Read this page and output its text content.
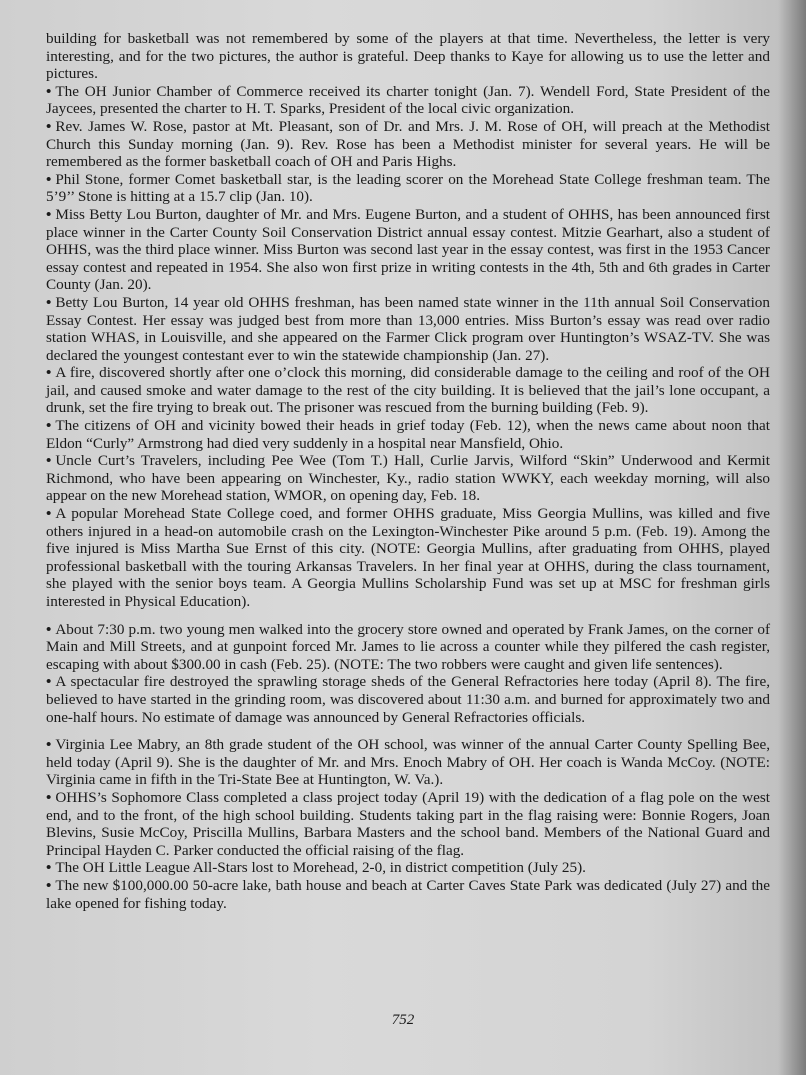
building for basketball was not remembered by some of the players at that time. Nevertheless, the letter is very interesting, and for the two pictures, the author is grateful. Deep thanks to Kaye for allowing us to use the letter and pictures.

• The OH Junior Chamber of Commerce received its charter tonight (Jan. 7). Wendell Ford, State President of the Jaycees, presented the charter to H. T. Sparks, President of the local civic organization.

• Rev. James W. Rose, pastor at Mt. Pleasant, son of Dr. and Mrs. J. M. Rose of OH, will preach at the Methodist Church this Sunday morning (Jan. 9). Rev. Rose has been a Methodist minister for several years. He will be remembered as the former basketball coach of OH and Paris Highs.

• Phil Stone, former Comet basketball star, is the leading scorer on the Morehead State College freshman team. The 5’9’’ Stone is hitting at a 15.7 clip (Jan. 10).

• Miss Betty Lou Burton, daughter of Mr. and Mrs. Eugene Burton, and a student of OHHS, has been announced first place winner in the Carter County Soil Conservation District annual essay contest. Mitzie Gearhart, also a student of OHHS, was the third place winner. Miss Burton was second last year in the essay contest, was first in the 1953 Cancer essay contest and repeated in 1954. She also won first prize in writing contests in the 4th, 5th and 6th grades in Carter County (Jan. 20).

• Betty Lou Burton, 14 year old OHHS freshman, has been named state winner in the 11th annual Soil Conservation Essay Contest. Her essay was judged best from more than 13,000 entries. Miss Burton’s essay was read over radio station WHAS, in Louisville, and she appeared on the Farmer Click program over Huntington’s WSAZ-TV. She was declared the youngest contestant ever to win the statewide championship (Jan. 27).

• A fire, discovered shortly after one o’clock this morning, did considerable damage to the ceiling and roof of the OH jail, and caused smoke and water damage to the rest of the city building. It is believed that the jail’s lone occupant, a drunk, set the fire trying to break out. The prisoner was rescued from the burning building (Feb. 9).

• The citizens of OH and vicinity bowed their heads in grief today (Feb. 12), when the news came about noon that Eldon “Curly” Armstrong had died very suddenly in a hospital near Mansfield, Ohio.

• Uncle Curt’s Travelers, including Pee Wee (Tom T.) Hall, Curlie Jarvis, Wilford “Skin” Underwood and Kermit Richmond, who have been appearing on Winchester, Ky., radio station WWKY, each weekday morning, will also appear on the new Morehead station, WMOR, on opening day, Feb. 18.

• A popular Morehead State College coed, and former OHHS graduate, Miss Georgia Mullins, was killed and five others injured in a head-on automobile crash on the Lexington-Winchester Pike around 5 p.m. (Feb. 19). Among the five injured is Miss Martha Sue Ernst of this city. (NOTE: Georgia Mullins, after graduating from OHHS, played professional basketball with the touring Arkansas Travelers. In her final year at OHHS, during the class tournament, she played with the senior boys team. A Georgia Mullins Scholarship Fund was set up at MSC for freshman girls interested in Physical Education).

• About 7:30 p.m. two young men walked into the grocery store owned and operated by Frank James, on the corner of Main and Mill Streets, and at gunpoint forced Mr. James to lie across a counter while they pilfered the cash register, escaping with about $300.00 in cash (Feb. 25). (NOTE: The two robbers were caught and given life sentences).

• A spectacular fire destroyed the sprawling storage sheds of the General Refractories here today (April 8). The fire, believed to have started in the grinding room, was discovered about 11:30 a.m. and burned for approximately two and one-half hours. No estimate of damage was announced by General Refractories officials.

• Virginia Lee Mabry, an 8th grade student of the OH school, was winner of the annual Carter County Spelling Bee, held today (April 9). She is the daughter of Mr. and Mrs. Enoch Mabry of OH. Her coach is Wanda McCoy. (NOTE: Virginia came in fifth in the Tri-State Bee at Huntington, W. Va.).

• OHHS’s Sophomore Class completed a class project today (April 19) with the dedication of a flag pole on the west end, and to the front, of the high school building. Students taking part in the flag raising were: Bonnie Rogers, Joan Blevins, Susie McCoy, Priscilla Mullins, Barbara Masters and the school band. Members of the National Guard and Principal Hayden C. Parker conducted the official raising of the flag.

• The OH Little League All-Stars lost to Morehead, 2-0, in district competition (July 25).

• The new $100,000.00 50-acre lake, bath house and beach at Carter Caves State Park was dedicated (July 27) and the lake opened for fishing today.

752
